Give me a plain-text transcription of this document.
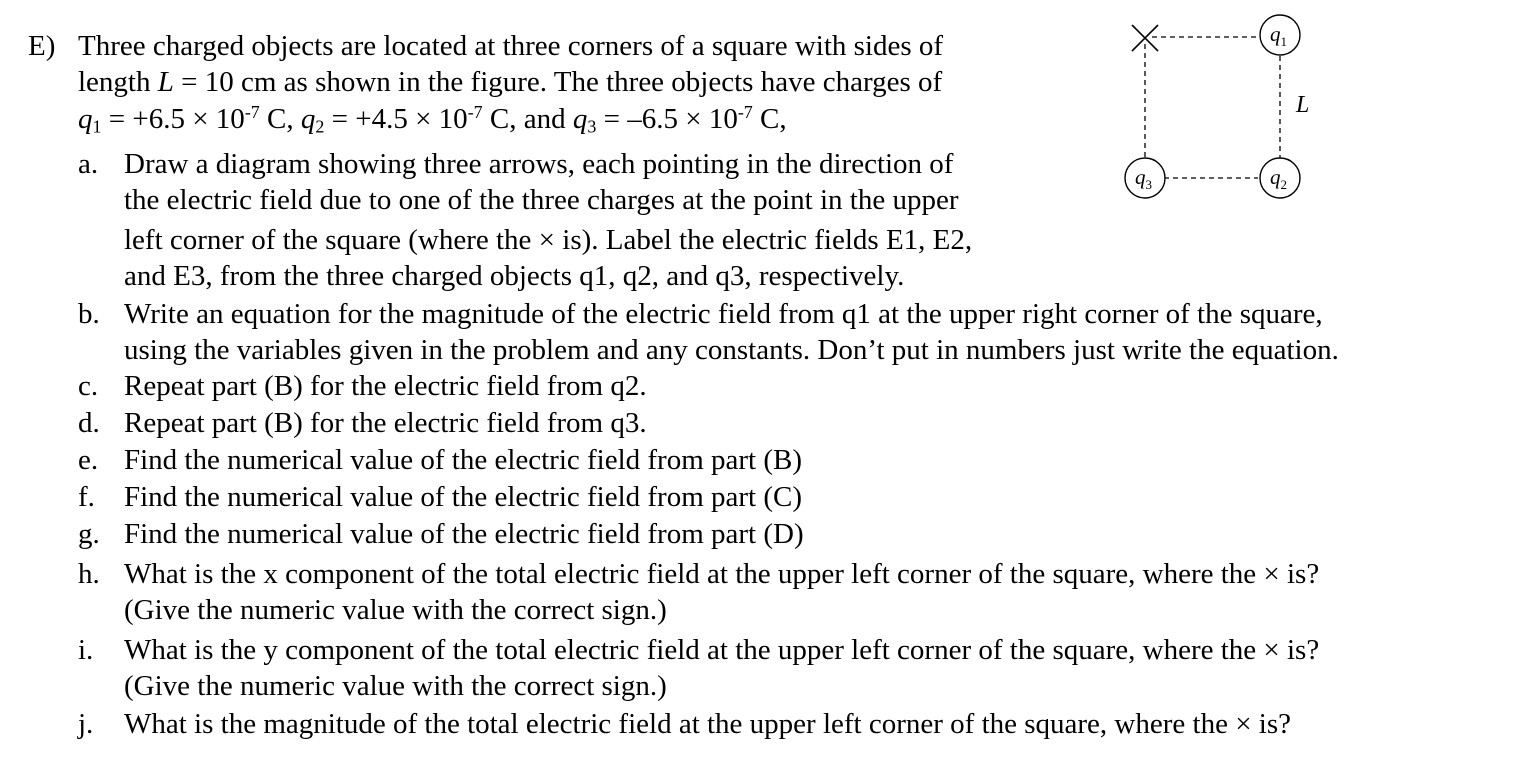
E) Three charged objects are located at three corners of a square with sides of
length L = 10 cm as shown in the figure. The three objects have charges of
$q_1 = +6.5 \times 10^{-7}$ C, $q_2 = +4.5 \times 10^{-7}$ C, and $q_3 = -6.5 \times 10^{-7}$ C,
a. Draw a diagram showing three arrows, each pointing in the direction of
the electric field due to one of the three charges at the point in the upper
left corner of the square (where the × is). Label the electric fields E1, E2,
and E3, from the three charged objects q1, q2, and q3, respectively.
b. Write an equation for the magnitude of the electric field from q1 at the upper right corner of the square,
using the variables given in the problem and any constants. Don’t put in numbers just write the equation.
c. Repeat part (B) for the electric field from q2.
d. Repeat part (B) for the electric field from q3.
e. Find the numerical value of the electric field from part (B)
f. Find the numerical value of the electric field from part (C)
g. Find the numerical value of the electric field from part (D)
h. What is the x component of the total electric field at the upper left corner of the square, where the × is?
(Give the numeric value with the correct sign.)
i. What is the y component of the total electric field at the upper left corner of the square, where the × is?
(Give the numeric value with the correct sign.)
j. What is the magnitude of the total electric field at the upper left corner of the square, where the × is?
$q_1$
$q_2$
$q_3$
L
